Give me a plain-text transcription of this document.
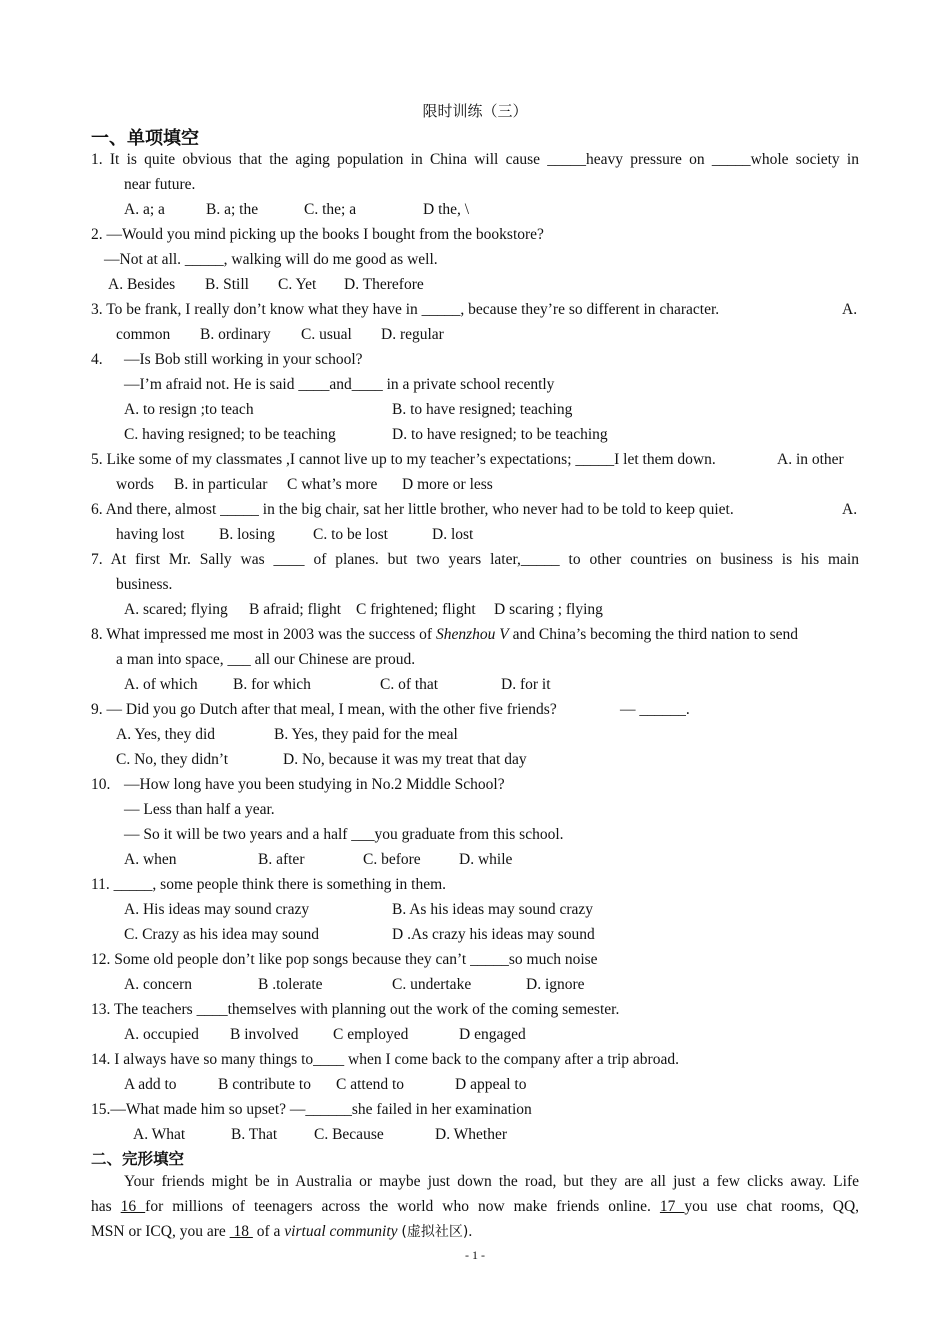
限时训练（三）
一、单项填空
1. It is quite obvious that the aging population in China will cause _____heavy pressure on _____whole society in
near future.
A. a; a	B. a; the	C. the; a	D the, \
2. —Would you mind picking up the books I bought from the bookstore?
—Not at all. _____, walking will do me good as well.
A. Besides B. Still C. Yet D. Therefore
3. To be frank, I really don’t know what they have in _____, because they’re so different in character.	A.
common B. ordinary C. usual D. regular
4. —Is Bob still working in your school?
—I’m afraid not. He is said ____and____ in a private school recently
A. to resign ;to teach	B. to have resigned; teaching
C. having resigned; to be teaching	D. to have resigned; to be teaching
5. Like some of my classmates ,I cannot live up to my teacher’s expectations; _____I let them down.	A. in other
words B. in particular C what’s more D more or less
6. And there, almost _____ in the big chair, sat her little brother, who never had to be told to keep quiet.	A.
having lost B. losing C. to be lost	D. lost
7. At first Mr. Sally was ____ of planes. but two years later,_____ to other countries on business is his main
business.
A. scared; flying B afraid; flight C frightened; flight D scaring ; flying
8. What impressed me most in 2003 was the success of Shenzhou V and China’s becoming the third nation to send
a man into space, ___ all our Chinese are proud.
A. of which B. for which	C. of that	D. for it
9. — Did you go Dutch after that meal, I mean, with the other five friends?	— ______.
A. Yes, they did	B. Yes, they paid for the meal
C. No, they didn’t	D. No, because it was my treat that day
10. —How long have you been studying in No.2 Middle School?
— Less than half a year.
— So it will be two years and a half ___you graduate from this school.
A. when	B. after	C. before D. while
11. _____, some people think there is something in them.
A. His ideas may sound crazy	B. As his ideas may sound crazy
C. Crazy as his idea may sound	D .As crazy his ideas may sound
12. Some old people don’t like pop songs because they can’t _____so much noise
A. concern	B .tolerate	C. undertake	D. ignore
13. The teachers ____themselves with planning out the work of the coming semester.
A. occupied B involved C employed	D engaged
14. I always have so many things to____ when I come back to the company after a trip abroad.
A add to	B contribute to C attend to	D appeal to
15.—What made him so upset? —______she failed in her examination
A. What	B. That C. Because	D. Whether
二、完形填空
Your friends might be in Australia or maybe just down the road, but they are all just a few clicks away. Life
has 16 for millions of teenagers across the world who now make friends online. 17 you use chat rooms, QQ,
MSN or ICQ, you are  18  of a virtual community (虚拟社区).
- 1 -
